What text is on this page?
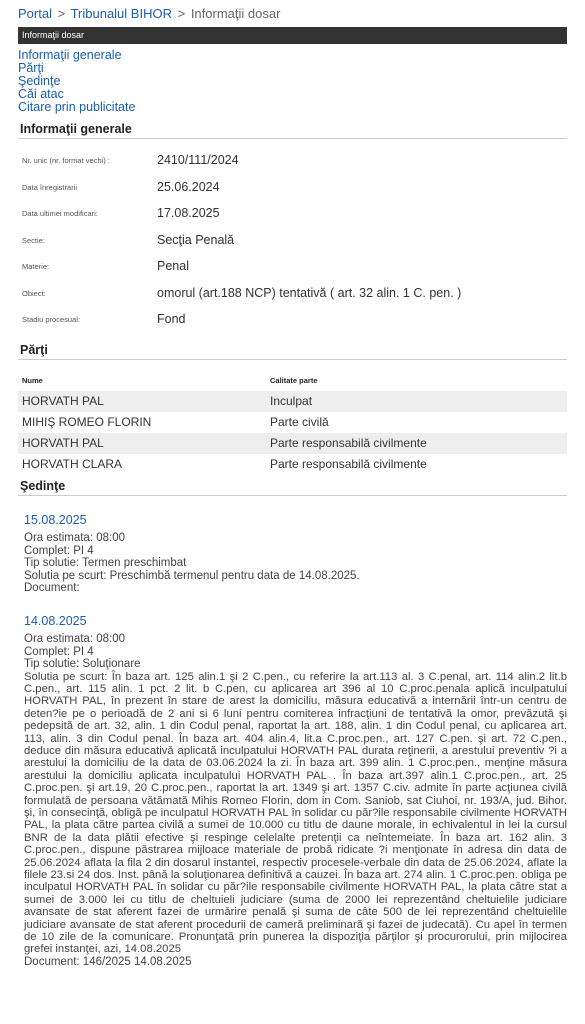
Portal > Tribunalul BIHOR > Informaţii dosar
Informaţii dosar
Informaţii generale
Părţi
Şedinţe
Căi atac
Citare prin publicitate
Informaţii generale
Nr. unic (nr. format vechi) :	2410/111/2024
Data înregistrarii	25.06.2024
Data ultimei modificari:	17.08.2025
Sectie:	Secţia Penală
Materie:	Penal
Obiect:	omorul (art.188 NCP) tentativă ( art. 32 alin. 1 C. pen. )
Stadiu procesual:	Fond
Părţi
Nume	Calitate parte
HORVATH PAL	Inculpat
MIHIŞ ROMEO FLORIN	Parte civilă
HORVATH PAL	Parte responsabilă civilmente
HORVATH CLARA	Parte responsabilă civilmente
Şedinţe
15.08.2025
Ora estimata: 08:00
Complet: PI 4
Tip solutie: Termen preschimbat
Solutia pe scurt: Preschimbă termenul pentru data de 14.08.2025.
Document:
14.08.2025
Ora estimata: 08:00
Complet: PI 4
Tip solutie: Soluţionare
Solutia pe scurt: În baza art. 125 alin.1 şi 2 C.pen., cu referire la art.113 al. 3 C.penal, art. 114 alin.2 lit.b C.pen., art. 115 alin. 1 pct. 2 lit. b C.pen, cu aplicarea art 396 al 10 C.proc.penala aplică inculpatului HORVATH PAL, în prezent în stare de arest la domiciliu, măsura educativă a internării într-un centru de deten?ie pe o perioadă de 2 ani si 6 luni pentru comiterea infracţiuni de tentativă la omor, prevăzută şi pedepsită de art. 32, alin. 1 din Codul penal, raportat la art. 188, alin. 1 din Codul penal, cu aplicarea art. 113, alin. 3 din Codul penal. În baza art. 404 alin.4, lit.a C.proc.pen., art. 127 C.pen. şi art. 72 C.pen., deduce din măsura educativă aplicată inculpatului HORVATH PAL durata reţinerii, a arestului preventiv ?i a arestului la domiciliu de la data de 03.06.2024 la zi. În baza art. 399 alin. 1 C.proc.pen., menţine măsura arestului la domiciliu aplicata inculpatului HORVATH PAL . În baza art.397 alin.1 C.proc.pen., art. 25 C.proc.pen. şi art.19, 20 C.proc.pen., raportat la art. 1349 şi art. 1357 C.civ. admite în parte acţiunea civilă formulată de persoana vătămată Mihis Romeo Florin, dom in Com. Saniob, sat Ciuhoi, nr. 193/A, jud. Bihor. şi, în consecinţă, obligă pe inculpatul HORVATH PAL în solidar cu păr?ile responsabile civilmente HORVATH PAL, la plata către partea civilă a sumei de 10.000 cu titlu de daune morale, in echivalentul in lei la cursul BNR de la data plătii efective şi respinge celelalte pretenţii ca neîntemeiate. În baza art. 162 alin. 3 C.proc.pen., dispune păstrarea mijloace materiale de probă ridicate ?i menţionate în adresa din data de 25.06.2024 aflata la fila 2 din dosarul instantei, respectiv procesele-verbale din data de 25.06.2024, aflate la filele 23.si 24 dos. Inst. până la soluţionarea definitivă a cauzei. În baza art. 274 alin. 1 C.proc.pen. obliga pe inculpatul HORVATH PAL în solidar cu păr?ile responsabile civilmente HORVATH PAL, la plata către stat a sumei de 3.000 lei cu titlu de cheltuieli judiciare (suma de 2000 lei reprezentând cheltuielile judiciare avansate de stat aferent fazei de urmărire penală şi suma de câte 500 de lei reprezentând cheltuielile judiciare avansate de stat aferent procedurii de cameră preliminară şi fazei de judecată). Cu apel în termen de 10 zile de la comunicare. Pronunţată prin punerea la dispoziţia părţilor şi procurorului, prin mijlocirea grefei instanţei, azi, 14.08.2025
Document: 146/2025 14.08.2025
